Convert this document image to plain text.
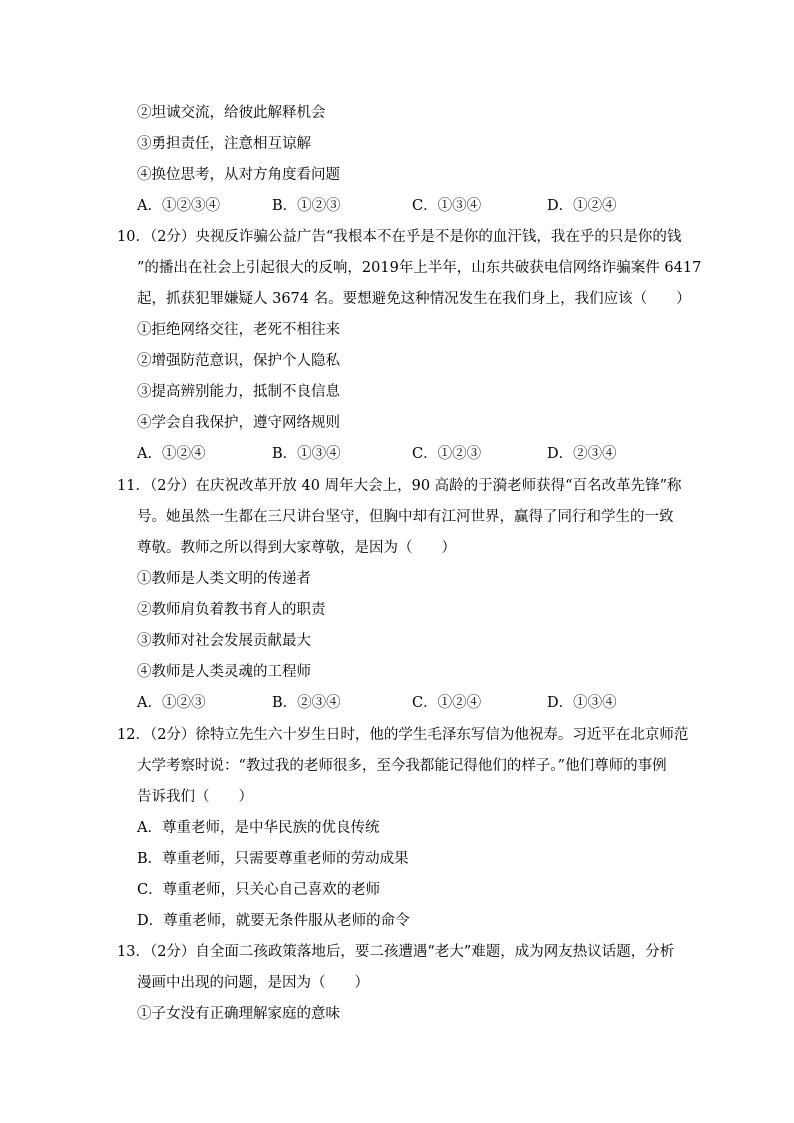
②坦诚交流，给彼此解释机会
③勇担责任，注意相互谅解
④换位思考，从对方角度看问题
A．①②③④	B．①②③	C．①③④	D．①②④
10．（2分）央视反诈骗公益广告“我根本不在乎是不是你的血汗钱，我在乎的只是你的钱
”的播出在社会上引起很大的反响，2019年上半年，山东共破获电信网络诈骗案件 6417
起，抓获犯罪嫌疑人 3674 名。要想避免这种情况发生在我们身上，我们应该（　　）
①拒绝网络交往，老死不相往来
②增强防范意识，保护个人隐私
③提高辨别能力，抵制不良信息
④学会自我保护，遵守网络规则
A．①②④	B．①③④	C．①②③	D．②③④
11．（2分）在庆祝改革开放 40 周年大会上，90 高龄的于漪老师获得“百名改革先锋”称
号。她虽然一生都在三尺讲台坚守，但胸中却有江河世界，赢得了同行和学生的一致
尊敬。教师之所以得到大家尊敬，是因为（　　）
①教师是人类文明的传递者
②教师肩负着教书育人的职责
③教师对社会发展贡献最大
④教师是人类灵魂的工程师
A．①②③	B．②③④	C．①②④	D．①③④
12．（2分）徐特立先生六十岁生日时，他的学生毛泽东写信为他祝寿。习近平在北京师范
大学考察时说：“教过我的老师很多，至今我都能记得他们的样子。”他们尊师的事例
告诉我们（　　）
A．尊重老师，是中华民族的优良传统
B．尊重老师，只需要尊重老师的劳动成果
C．尊重老师，只关心自己喜欢的老师
D．尊重老师，就要无条件服从老师的命令
13．（2分）自全面二孩政策落地后，要二孩遭遇“老大”难题，成为网友热议话题，分析
漫画中出现的问题，是因为（　　）
①子女没有正确理解家庭的意味
